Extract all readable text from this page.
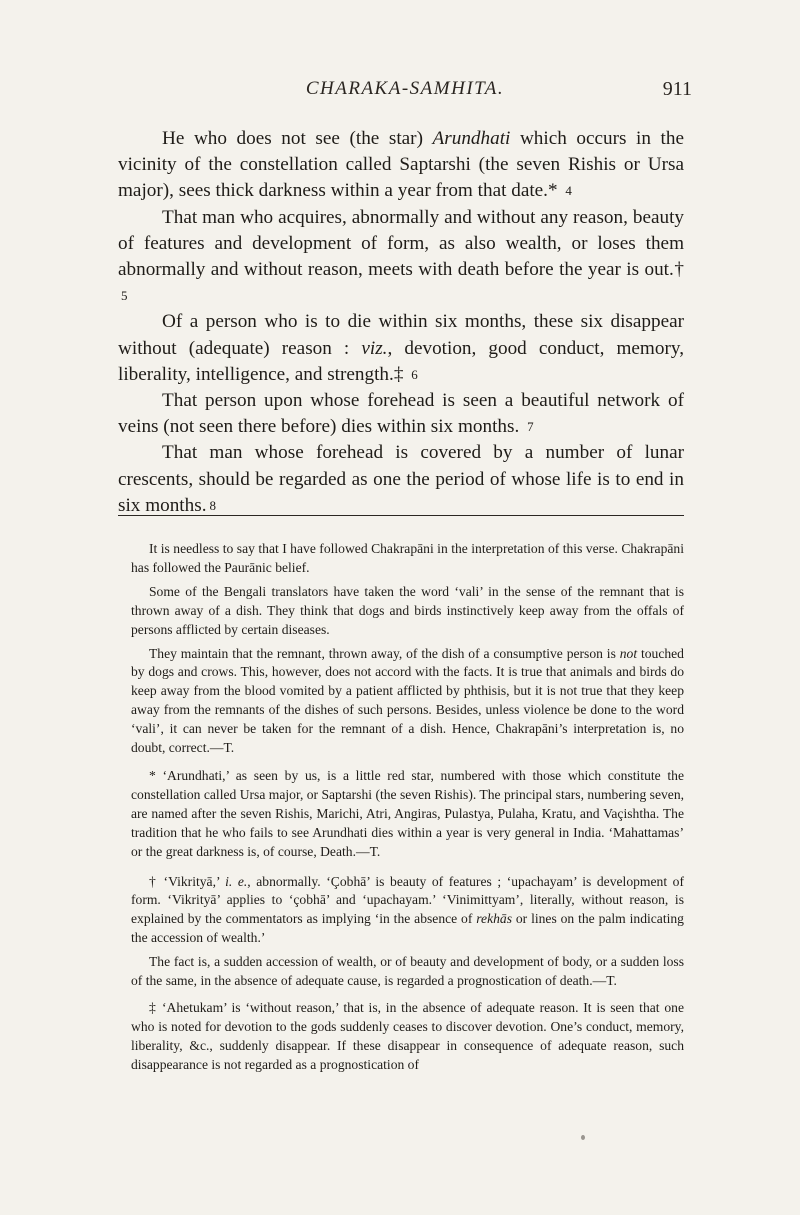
CHARAKA-SAMHITA.	911

He who does not see (the star) Arundhati which occurs in the vicinity of the constellation called Saptarshi (the seven Rishis or Ursa major), sees thick darkness within a year from that date.* 4

That man who acquires, abnormally and without any reason, beauty of features and development of form, as also wealth, or loses them abnormally and without reason, meets with death before the year is out.† 5

Of a person who is to die within six months, these six disappear without (adequate) reason : viz., devotion, good conduct, memory, liberality, intelligence, and strength.‡ 6

That person upon whose forehead is seen a beautiful network of veins (not seen there before) dies within six months. 7

That man whose forehead is covered by a number of lunar crescents, should be regarded as one the period of whose life is to end in six months. $^8$

It is needless to say that I have followed Chakrapāni in the interpretation of this verse. Chakrapāni has followed the Paurānic belief.

Some of the Bengali translators have taken the word ‘vali’ in the sense of the remnant that is thrown away of a dish. They think that dogs and birds instinctively keep away from the offals of persons afflicted by certain diseases.

They maintain that the remnant, thrown away, of the dish of a consumptive person is not touched by dogs and crows. This, however, does not accord with the facts. It is true that animals and birds do keep away from the blood vomited by a patient afflicted by phthisis, but it is not true that they keep away from the remnants of the dishes of such persons. Besides, unless violence be done to the word ‘vali’, it can never be taken for the remnant of a dish. Hence, Chakrapāni’s interpretation is, no doubt, correct.—T.

* ‘Arundhati,’ as seen by us, is a little red star, numbered with those which constitute the constellation called Ursa major, or Saptarshi (the seven Rishis). The principal stars, numbering seven, are named after the seven Rishis, Marichi, Atri, Angiras, Pulastya, Pulaha, Kratu, and Vaçishtha. The tradition that he who fails to see Arundhati dies within a year is very general in India. ‘Mahattamas’ or the great darkness is, of course, Death.—T.

† ‘Vikrityā,’ i. e., abnormally. ‘Çobhā’ is beauty of features ; ‘upachayam’ is development of form. ‘Vikrityā’ applies to ‘çobhā’ and ‘upachayam.’ ‘Vinimittyam’, literally, without reason, is explained by the commentators as implying ‘in the absence of rekhās or lines on the palm indicating the accession of wealth.’

The fact is, a sudden accession of wealth, or of beauty and development of body, or a sudden loss of the same, in the absence of adequate cause, is regarded a prognostication of death.—T.

‡ ‘Ahetukam’ is ‘without reason,’ that is, in the absence of adequate reason. It is seen that one who is noted for devotion to the gods suddenly ceases to discover devotion. One’s conduct, memory, liberality, &c., suddenly disappear. If these disappear in consequence of adequate reason, such disappearance is not regarded as a prognostication of
